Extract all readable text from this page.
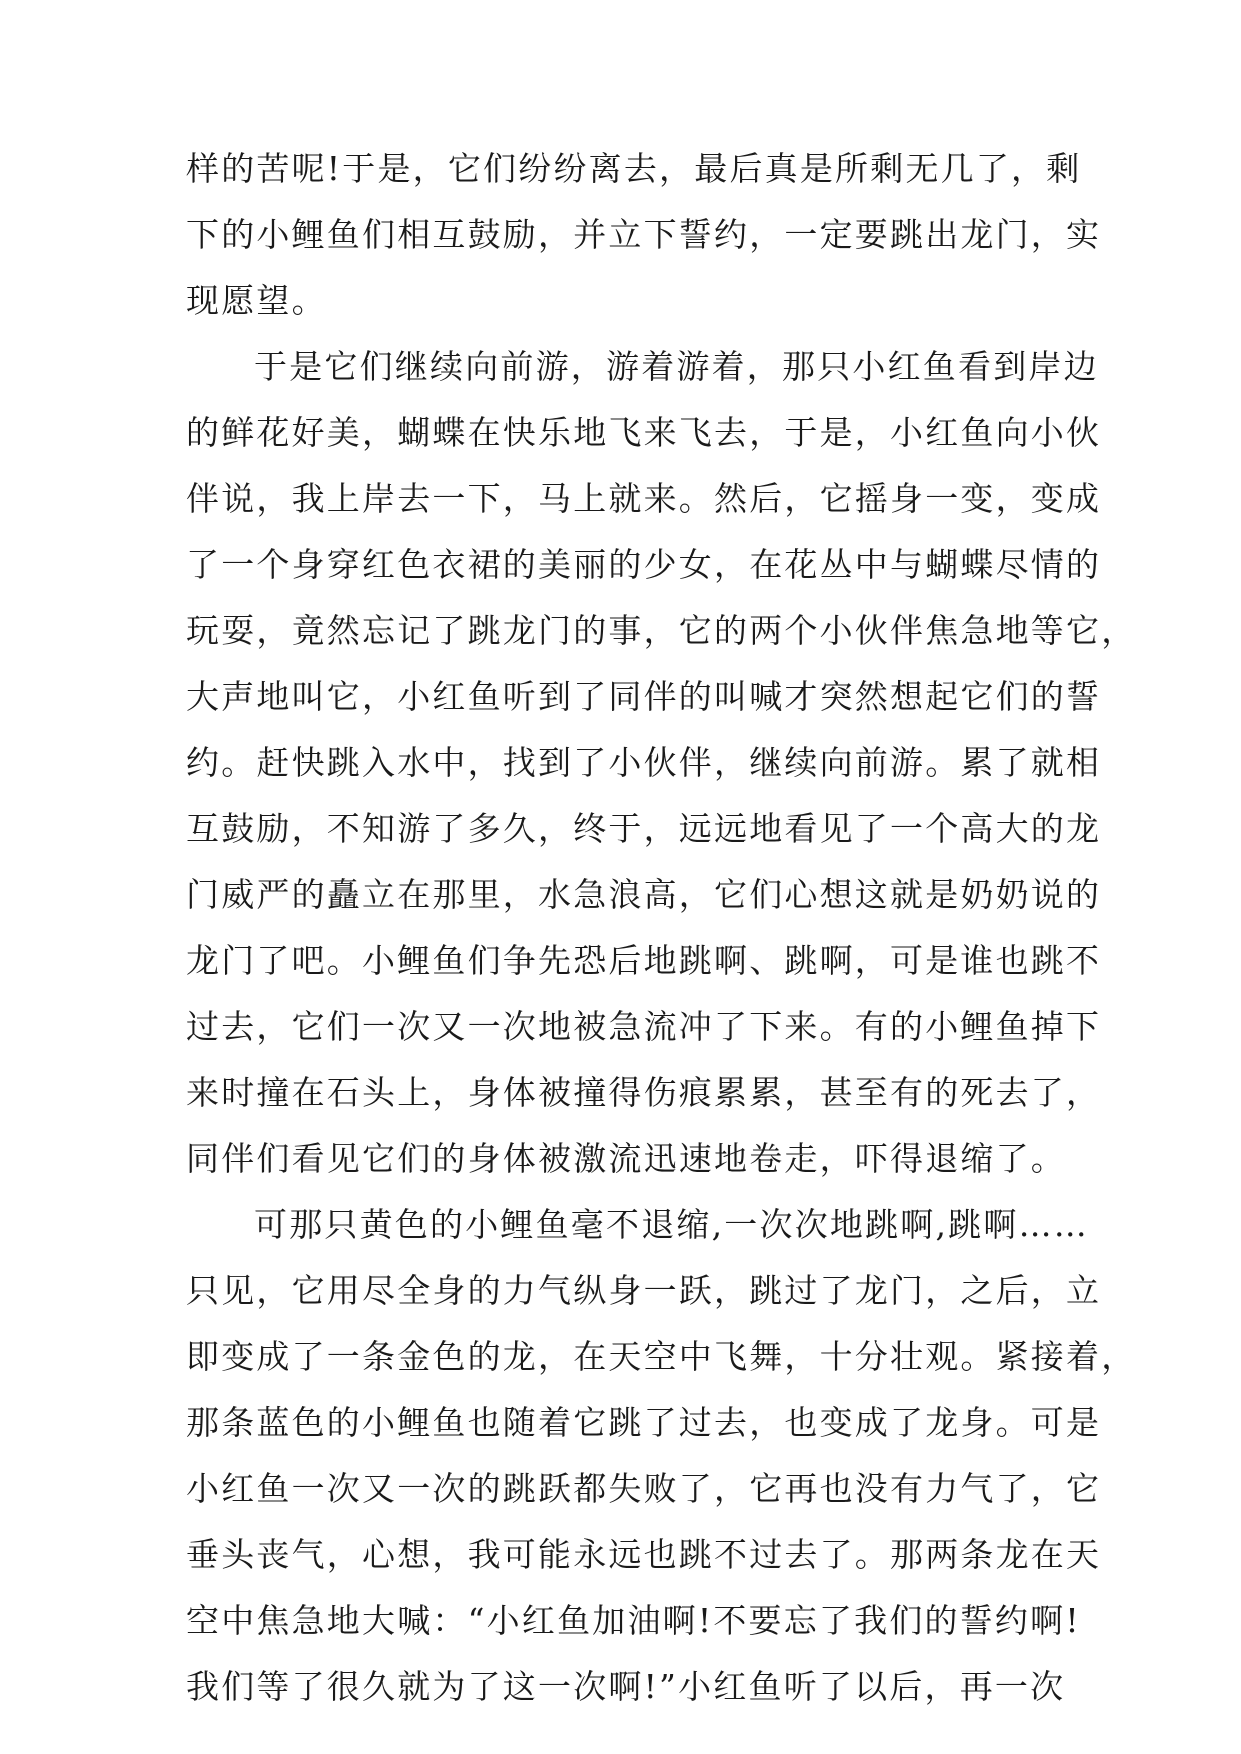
样的苦呢!于是，它们纷纷离去，最后真是所剩无几了，剩
下的小鲤鱼们相互鼓励，并立下誓约，一定要跳出龙门，实
现愿望。
于是它们继续向前游，游着游着，那只小红鱼看到岸边
的鲜花好美，蝴蝶在快乐地飞来飞去，于是，小红鱼向小伙
伴说，我上岸去一下，马上就来。然后，它摇身一变，变成
了一个身穿红色衣裙的美丽的少女，在花丛中与蝴蝶尽情的
玩耍，竟然忘记了跳龙门的事，它的两个小伙伴焦急地等它，
大声地叫它，小红鱼听到了同伴的叫喊才突然想起它们的誓
约。赶快跳入水中，找到了小伙伴，继续向前游。累了就相
互鼓励，不知游了多久，终于，远远地看见了一个高大的龙
门威严的矗立在那里，水急浪高，它们心想这就是奶奶说的
龙门了吧。小鲤鱼们争先恐后地跳啊、跳啊，可是谁也跳不
过去，它们一次又一次地被急流冲了下来。有的小鲤鱼掉下
来时撞在石头上，身体被撞得伤痕累累，甚至有的死去了，
同伴们看见它们的身体被激流迅速地卷走，吓得退缩了。
可那只黄色的小鲤鱼毫不退缩,一次次地跳啊,跳啊……
只见，它用尽全身的力气纵身一跃，跳过了龙门，之后，立
即变成了一条金色的龙，在天空中飞舞，十分壮观。紧接着，
那条蓝色的小鲤鱼也随着它跳了过去，也变成了龙身。可是
小红鱼一次又一次的跳跃都失败了，它再也没有力气了，它
垂头丧气，心想，我可能永远也跳不过去了。那两条龙在天
空中焦急地大喊：“小红鱼加油啊!不要忘了我们的誓约啊!
我们等了很久就为了这一次啊!”小红鱼听了以后，再一次
